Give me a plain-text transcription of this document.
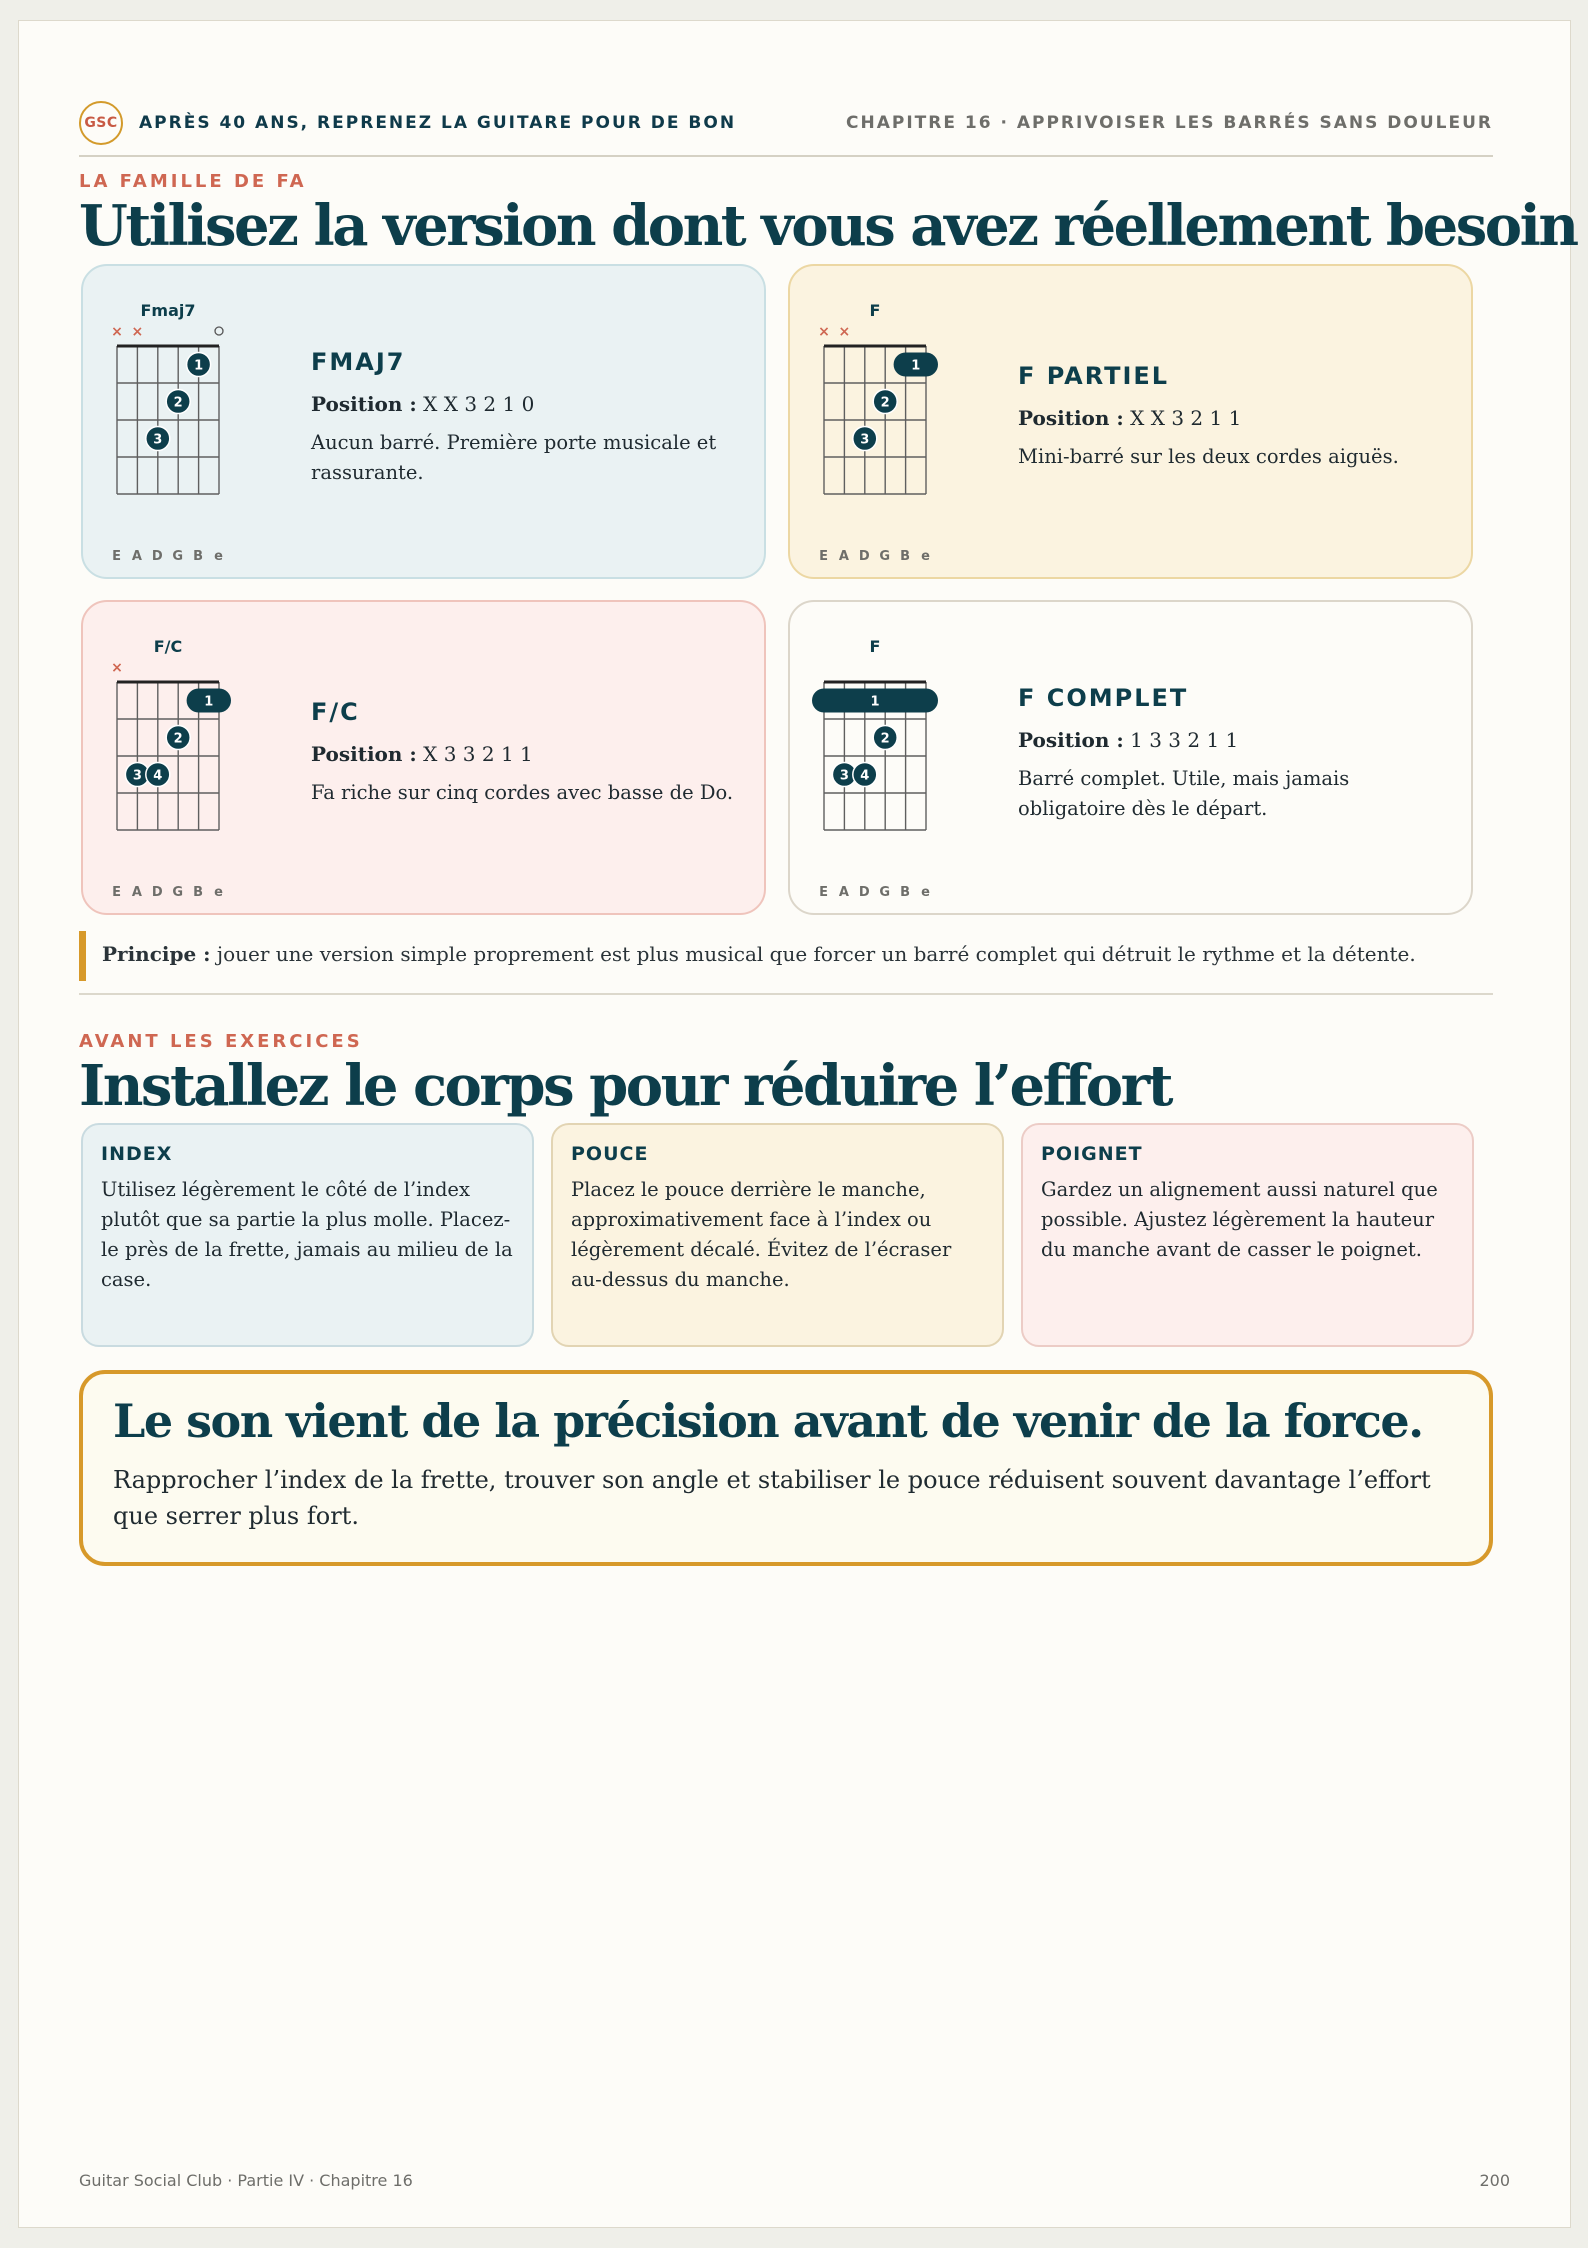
GSC	APRÈS 40 ANS, REPRENEZ LA GUITARE POUR DE BON	CHAPITRE 16 · APPRIVOISER LES BARRÉS SANS DOULEUR
LA FAMILLE DE FA
Utilisez la version dont vous avez réellement besoin
Fmaj7
× ×
1
2
3
E A D G B e
FMAJ7
Position : X X 3 2 1 0
Aucun barré. Première porte musicale et rassurante.
F
× ×
1
2
3
E A D G B e
F PARTIEL
Position : X X 3 2 1 1
Mini-barré sur les deux cordes aiguës.
F/C
×
1
2
3 4
E A D G B e
F/C
Position : X 3 3 2 1 1
Fa riche sur cinq cordes avec basse de Do.
F
1
2
3 4
E A D G B e
F COMPLET
Position : 1 3 3 2 1 1
Barré complet. Utile, mais jamais obligatoire dès le départ.
Principe : jouer une version simple proprement est plus musical que forcer un barré complet qui détruit le rythme et la détente.
AVANT LES EXERCICES
Installez le corps pour réduire l’effort
INDEX
Utilisez légèrement le côté de l’index plutôt que sa partie la plus molle. Placez-le près de la frette, jamais au milieu de la case.
POUCE
Placez le pouce derrière le manche, approximativement face à l’index ou légèrement décalé. Évitez de l’écraser au-dessus du manche.
POIGNET
Gardez un alignement aussi naturel que possible. Ajustez légèrement la hauteur du manche avant de casser le poignet.
Le son vient de la précision avant de venir de la force.
Rapprocher l’index de la frette, trouver son angle et stabiliser le pouce réduisent souvent davantage l’effort que serrer plus fort.
Guitar Social Club · Partie IV · Chapitre 16	200
